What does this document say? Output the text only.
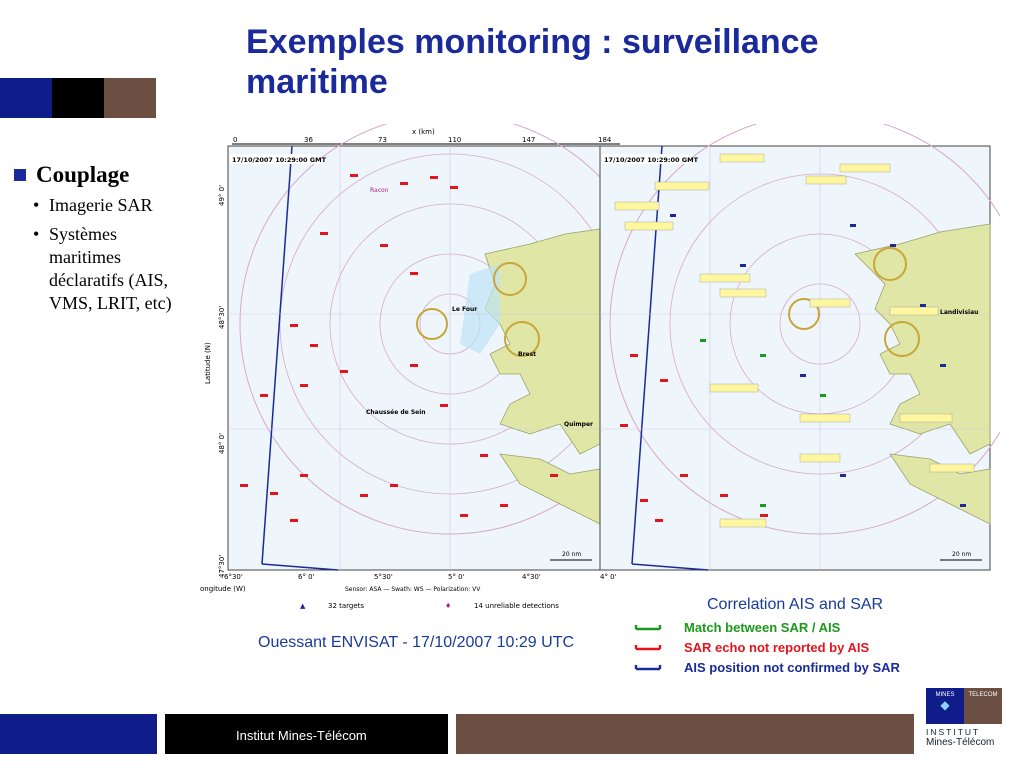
Exemples monitoring : surveillance
maritime
Couplage
• Imagerie SAR
• Systèmes maritimes déclaratifs (AIS, VMS, LRIT, etc)
x (km)
0	36	73	110	147	184
17/10/2007 10:29:00 GMT
Le Four
Brest
Chaussée de Sein
Quimper
Racon
20 nm
17/10/2007 10:29:00 GMT
Landivisiau
20 nm
Latitude (N)
49° 0'
48°30'
48° 0'
47°30'
6°30'	6° 0'	5°30'	5° 0'	4°30'	4° 0'
ongitude (W)	Sensor: ASA — Swath: WS — Polarization: VV
▲	32 targets	♦	14 unreliable detections
Ouessant ENVISAT - 17/10/2007 10:29 UTC
Correlation AIS and SAR
Match between SAR / AIS
SAR echo not reported by AIS
AIS position not confirmed by SAR
Institut Mines-Télécom
MINES
◆
TELECOM
INSTITUT
Mines-Télécom
